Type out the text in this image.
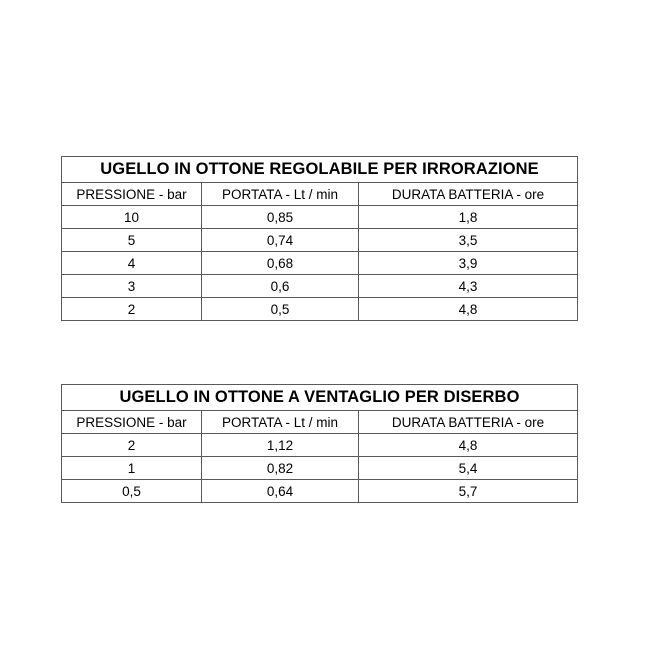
UGELLO IN OTTONE REGOLABILE PER IRRORAZIONE		
PRESSIONE - bar	PORTATA - Lt / min	DURATA BATTERIA - ore
10	0,85	1,8
5	0,74	3,5
4	0,68	3,9
3	0,6	4,3
2	0,5	4,8
UGELLO IN OTTONE A VENTAGLIO PER DISERBO		
PRESSIONE - bar	PORTATA - Lt / min	DURATA BATTERIA - ore
2	1,12	4,8
1	0,82	5,4
0,5	0,64	5,7
